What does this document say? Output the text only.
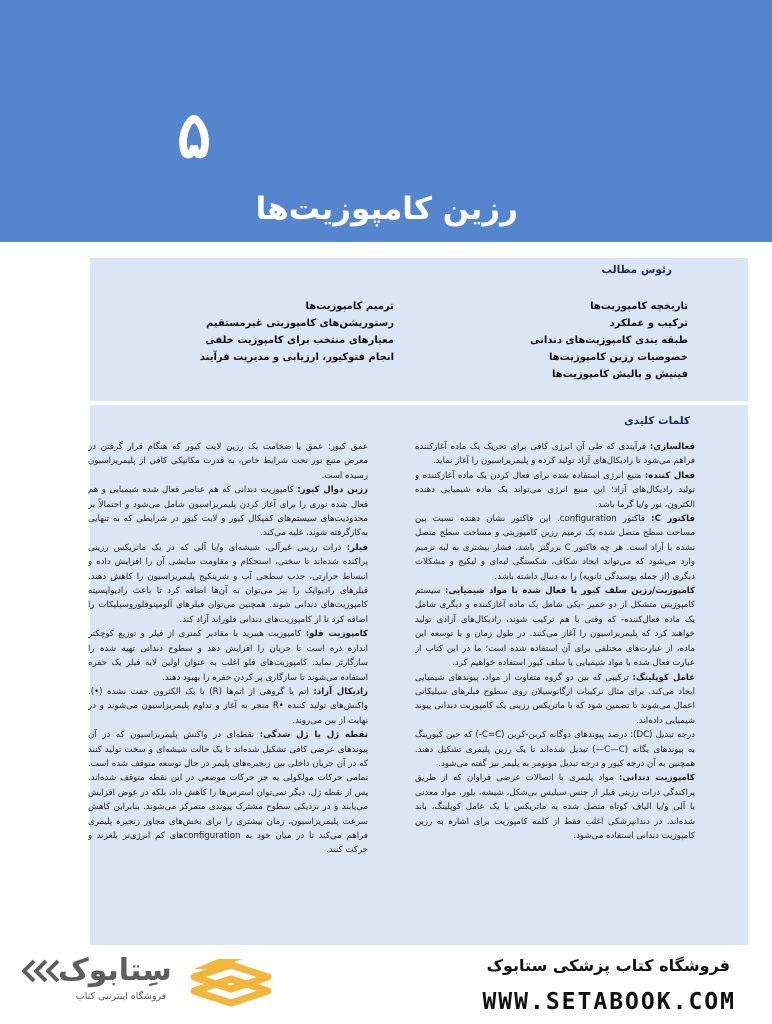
۵
رزین کامپوزیت‌ها
رئوس مطالب
تاریخچه کامپوزیت‌ها
ترکیب و عملکرد
طبقه بندی کامپوزیت‌های دندانی
خصوصیات رزین کامپوزیت‌ها
فینیش و پالیش کامپوزیت‌ها
ترمیم کامپوزیت‌ها
رستوریشن‌های کامپوزیتی غیرمستقیم
معیارهای منتخب برای کامپوزیت خلفی
انجام فتوکیور، ارزیابی و مدیریت فرآیند
کلمات کلیدی

فعالسازی: فرآیندی که طی آن انرژی کافی برای تحریک یک ماده آغازکننده فراهم می‌شود تا رادیکال‌های آزاد تولید کرده و پلیمریزاسیون را آغاز نماید.

فعال کننده: منبع انرژی استفاده شده برای فعال کردن یک ماده آغازکننده و تولید رادیکال‌های آزاد؛ این منبع انرژی می‌تواند یک ماده شیمیایی دهنده الکترون، نور و/یا گرما باشد.

فاکتور C: فاکتور configuration. این فاکتور نشان دهنده نسبت بین مساحت سطح متصل شده یک ترمیم رزین کامپوزیتی و مساحت سطح متصل نشده یا آزاد است. هر چه فاکتور C بزرگتر باشد، فشار بیشتری به لبه ترمیم وارد می‌شود که می‌تواند ایجاد شکاف، شکستگی لبه‌ای و لیکیج و مشکلات دیگری (از جمله پوسیدگی ثانویه) را به دنبال داشته باشد.

کامپوزیت/رزین سلف کیور یا فعال شده با مواد شیمیایی: سیستم کامپوزیتی متشکل از دو خمیر -یکی شامل یک ماده آغازکننده و دیگری شامل یک ماده فعال‌کننده- که وقتی با هم ترکیب شوند، رادیکال‌های آزادی تولید خواهند کرد که پلیمریزاسیون را آغاز می‌کنند. در طول زمان و با توسعه این ماده، از عبارت‌های مختلفی برای آن استفاده شده است؛ ما در این کتاب از عبارت فعال شده با مواد شیمیایی یا سلف کیور استفاده خواهیم کرد.

عامل کوپلینگ: ترکیبی که بین دو گروه متفاوت از مواد، پیوندهای شیمیایی ایجاد می‌کند. برای مثال ترکیبات ارگانوسیلان روی سطوح فیلرهای سیلیکاتی اعمال می‌شوند تا تضمین شود که با ماتریکس رزینی یک کامپوزیت دندانی پیوند شیمیایی داده‌اند.

درجه تبدیل (DC): درصد پیوندهای دوگانه کربن-کربن (C=C-) که حین کیورینگ به پیوندهای یگانه (C—C—) تبدیل شده‌اند تا یک رزین پلیمری تشکیل دهند. همچنین به آن درجه کیور و درجه تبدیل مونومر به پلیمر نیز گفته می‌شود.

کامپوزیت دندانی: مواد پلیمری با اتصالات عرضی فراوان که از طریق پراکندگی ذرات رزینی فیلر از جنس سیلیس بی‌شکل، شیشه، بلور، مواد معدنی یا آلی و/یا الیاف کوتاه متصل شده به ماتریکس با یک عامل کوپلینگ، باند شده‌اند. در دندانپزشکی اغلب فقط از کلمه کامپوزیت برای اشاره به رزین کامپوزیت دندانی استفاده می‌شود.

عمق کیور: عمق یا ضخامت یک رزین لایت کیور که هنگام قرار گرفتن در معرض منبع نور تحت شرایط خاص، به قدرت مکانیکی کافی از پلیمریزاسیون رسیده است.

رزین دوال کیور: کامپوزیت دندانی که هم عناصر فعال شده شیمیایی و هم فعال شده نوری را برای آغاز کردن پلیمریزاسیون شامل می‌شود و احتمالاً بر محدودیت‌های سیستم‌های کمپکال کیور و لایت کیور در شرایطی که به تنهایی به‌کارگرفته شوند، غلبه می‌کند.

فیلر: ذرات رزینی غیرآلی، شیشه‌ای و/یا آلی که در یک ماتریکس رزینی پراکنده شده‌اند تا سختی، استحکام و مقاومت سایشی آن را افزایش داده و انبساط حرارتی، جذب سطحی آب و شرینکیج پلیمریزاسیون را کاهش دهند. فیلرهای رادیواپک را نیز می‌توان به آن‌ها اضافه کرد تا باعث رادیواپسیته کامپوزیت‌های دندانی شوند. همچنین می‌توان فیلرهای آلومینوفلوروسیلیکات را اضافه کرد تا از کامپوزیت‌های دندانی فلوراید آزاد کند.

کامپوزیت فلو: کامپوزیت هیبرید با مقادیر کمتری از فیلر و توزیع کوچکتر اندازه ذره است تا جریان را افزایش دهد و سطوح دندانی تهیه شده را سازگارتر نماید. کامپوزیت‌های فلو اغلب به عنوان اولین لایه فیلر یک حفره استفاده می‌شوند تا سازگاری پر کردن حفره را بهبود دهند.

رادیکال آزاد: اتم یا گروهی از اتم‌ها (R) با یک الکترون جفت نشده (•). واکنش‌های تولید کننده •R منجر به آغاز و تداوم پلیمریزاسیون می‌شوند و در نهایت از بین می‌روند.

نقطه ژل یا ژل شدگی: نقطه‌ای در واکنش پلیمریزاسیون که در آن پیوندهای عرضی کافی تشکیل شده‌اند تا یک حالت شیشه‌ای و سخت تولید کنند که در آن جریان داخلی بین زنجیره‌های پلیمر در حال توسعه متوقف شده است. تمامی حرکات مولکولی به جز حرکات موضعی در این نقطه متوقف شده‌اند. پس از نقطه ژل، دیگر نمی‌توان استرس‌ها را کاهش داد، بلکه در عوض افزایش می‌یابند و در نزدیکی سطوح مشترک پیوندی متمرکز می‌شوند. بنابراین کاهش سرعت پلیمریزاسیون، زمان بیشتری را برای بخش‌های مجاور زنجیره پلیمری فراهم می‌کند تا در میان خود به configuration‌های کم انرژی‌تر بلغزند و حرکت کنند.

سِتابوک
فروشگاه اینترنتی کتاب
فروشگاه کتاب پزشکی ستابوک
WWW.SETABOOK.COM
